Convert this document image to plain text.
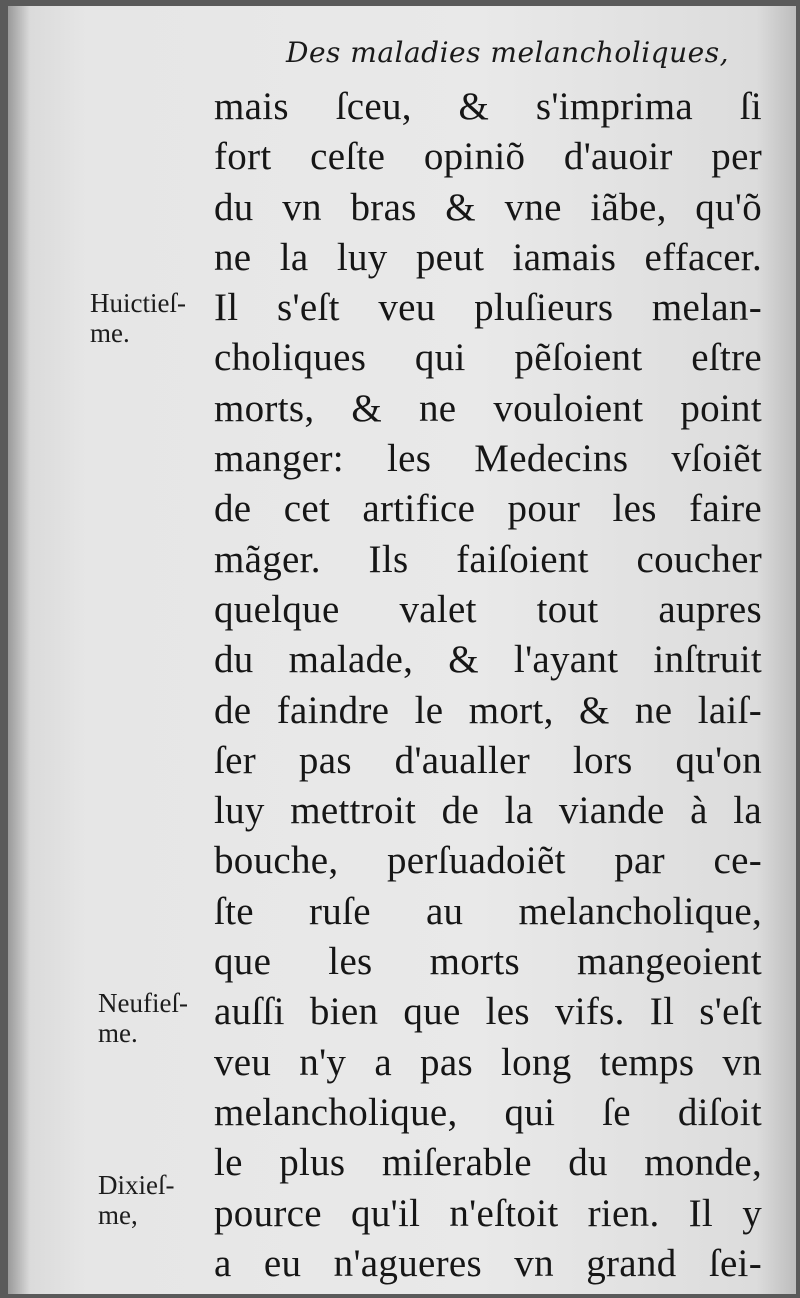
Des maladies melancholiques,
mais ſceu, & s'imprima ſi
fort ceſte opiniõ d'auoir per
du vn bras & vne iãbe, qu'õ
ne la luy peut iamais effacer.
Il s'eſt veu pluſieurs melan-
choliques qui pẽſoient eſtre
morts, & ne vouloient point
manger: les Medecins vſoiẽt
de cet artifice pour les faire
mãger. Ils faiſoient coucher
quelque valet tout aupres
du malade, & l'ayant inſtruit
de faindre le mort, & ne laiſ-
ſer pas d'aualler lors qu'on
luy mettroit de la viande à la
bouche, perſuadoiẽt par ce-
ſte ruſe au melancholique,
que les morts mangeoient
auſſi bien que les vifs. Il s'eſt
veu n'y a pas long temps vn
melancholique, qui ſe diſoit
le plus miſerable du monde,
pource qu'il n'eſtoit rien. Il y
a eu n'agueres vn grand ſei-
Huictieſ-
me.
Neufieſ-
me.
Dixieſ-
me,
